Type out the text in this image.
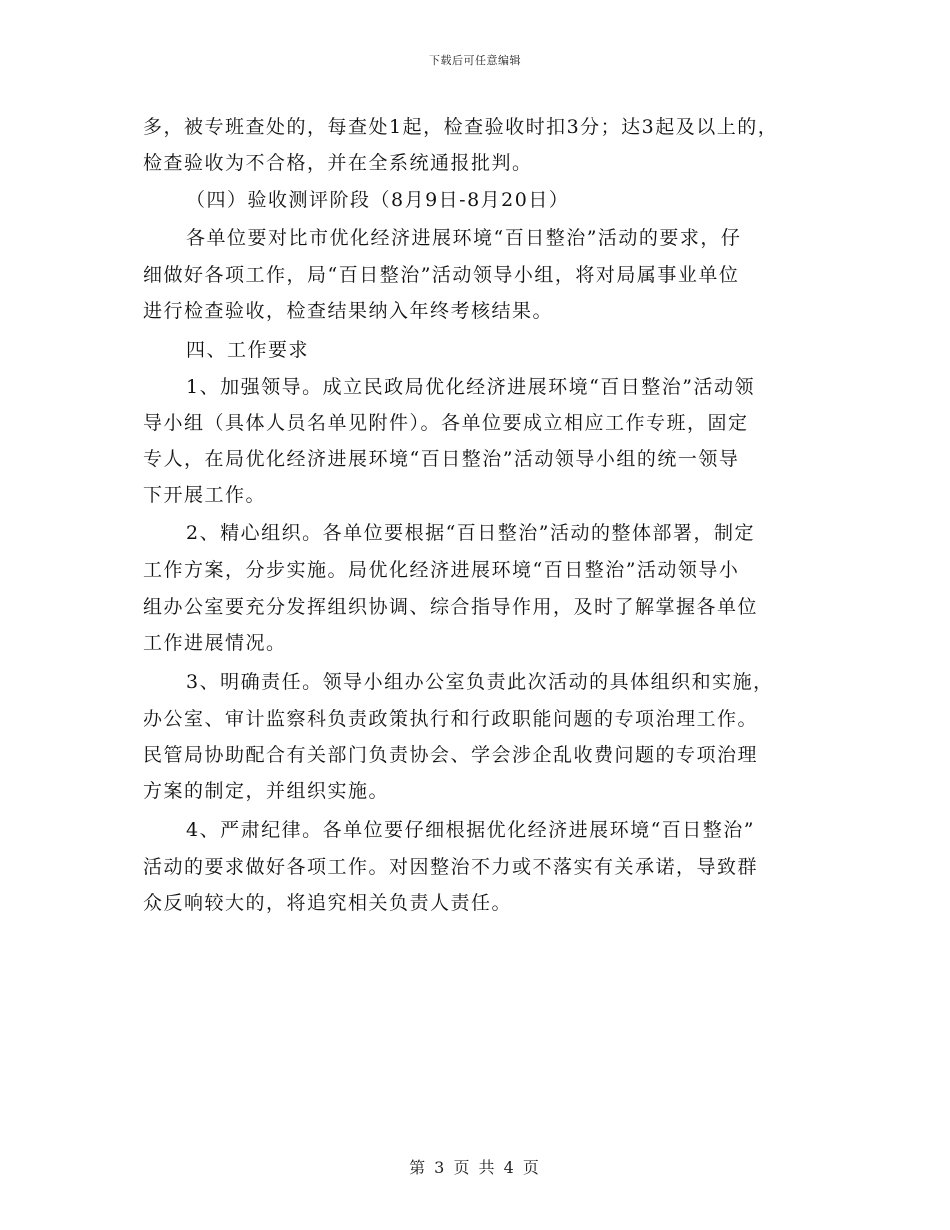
下载后可任意编辑
多，被专班查处的，每查处1起，检查验收时扣3分；达3起及以上的，
检查验收为不合格，并在全系统通报批判。
（四）验收测评阶段（8月9日-8月20日）
各单位要对比市优化经济进展环境“百日整治”活动的要求，仔
细做好各项工作，局“百日整治”活动领导小组，将对局属事业单位
进行检查验收，检查结果纳入年终考核结果。
四、工作要求
1、加强领导。成立民政局优化经济进展环境“百日整治”活动领
导小组（具体人员名单见附件）。各单位要成立相应工作专班，固定
专人，在局优化经济进展环境“百日整治”活动领导小组的统一领导
下开展工作。
2、精心组织。各单位要根据“百日整治”活动的整体部署，制定
工作方案，分步实施。局优化经济进展环境“百日整治”活动领导小
组办公室要充分发挥组织协调、综合指导作用，及时了解掌握各单位
工作进展情况。
3、明确责任。领导小组办公室负责此次活动的具体组织和实施，
办公室、审计监察科负责政策执行和行政职能问题的专项治理工作。
民管局协助配合有关部门负责协会、学会涉企乱收费问题的专项治理
方案的制定，并组织实施。
4、严肃纪律。各单位要仔细根据优化经济进展环境“百日整治”
活动的要求做好各项工作。对因整治不力或不落实有关承诺，导致群
众反响较大的，将追究相关负责人责任。
第 3 页 共 4 页
